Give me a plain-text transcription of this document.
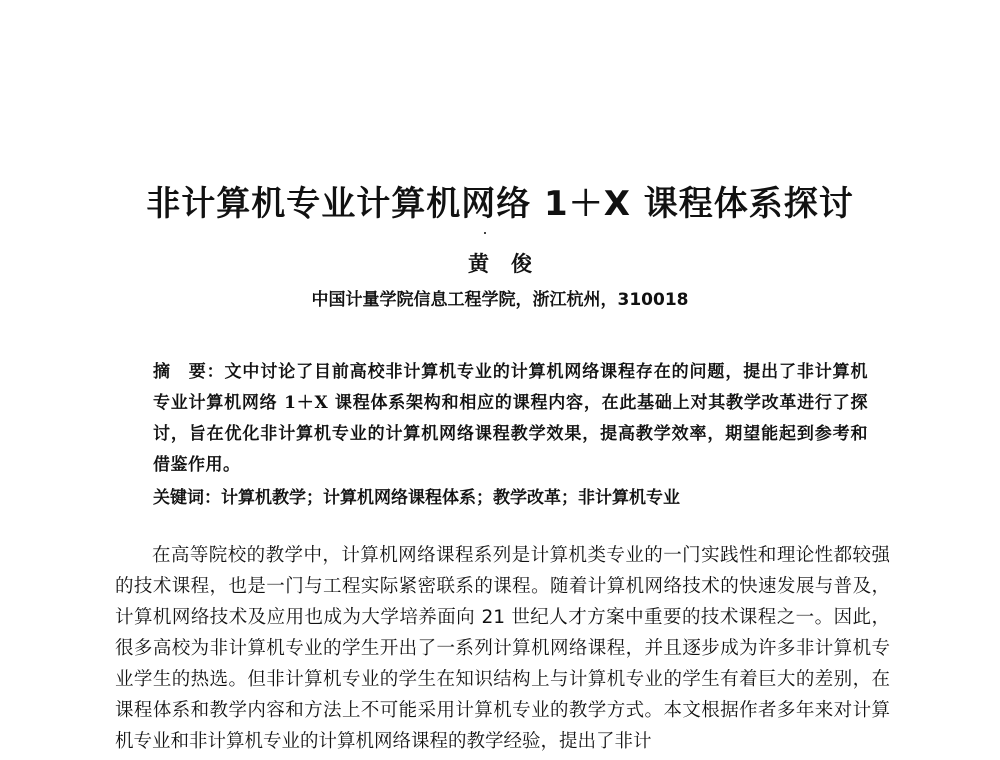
非计算机专业计算机网络 1＋X 课程体系探讨
黄俊
中国计量学院信息工程学院，浙江杭州，310018
摘　要：文中讨论了目前高校非计算机专业的计算机网络课程存在的问题，提出了非计算机专业计算机网络 1＋X 课程体系架构和相应的课程内容，在此基础上对其教学改革进行了探讨，旨在优化非计算机专业的计算机网络课程教学效果，提高教学效率，期望能起到参考和借鉴作用。
关键词：计算机教学；计算机网络课程体系；教学改革；非计算机专业

在高等院校的教学中，计算机网络课程系列是计算机类专业的一门实践性和理论性都较强的技术课程，也是一门与工程实际紧密联系的课程。随着计算机网络技术的快速发展与普及，计算机网络技术及应用也成为大学培养面向 21 世纪人才方案中重要的技术课程之一。因此，很多高校为非计算机专业的学生开出了一系列计算机网络课程，并且逐步成为许多非计算机专业学生的热选。但非计算机专业的学生在知识结构上与计算机专业的学生有着巨大的差别，在课程体系和教学内容和方法上不可能采用计算机专业的教学方式。本文根据作者多年来对计算机专业和非计算机专业的计算机网络课程的教学经验，提出了非计
